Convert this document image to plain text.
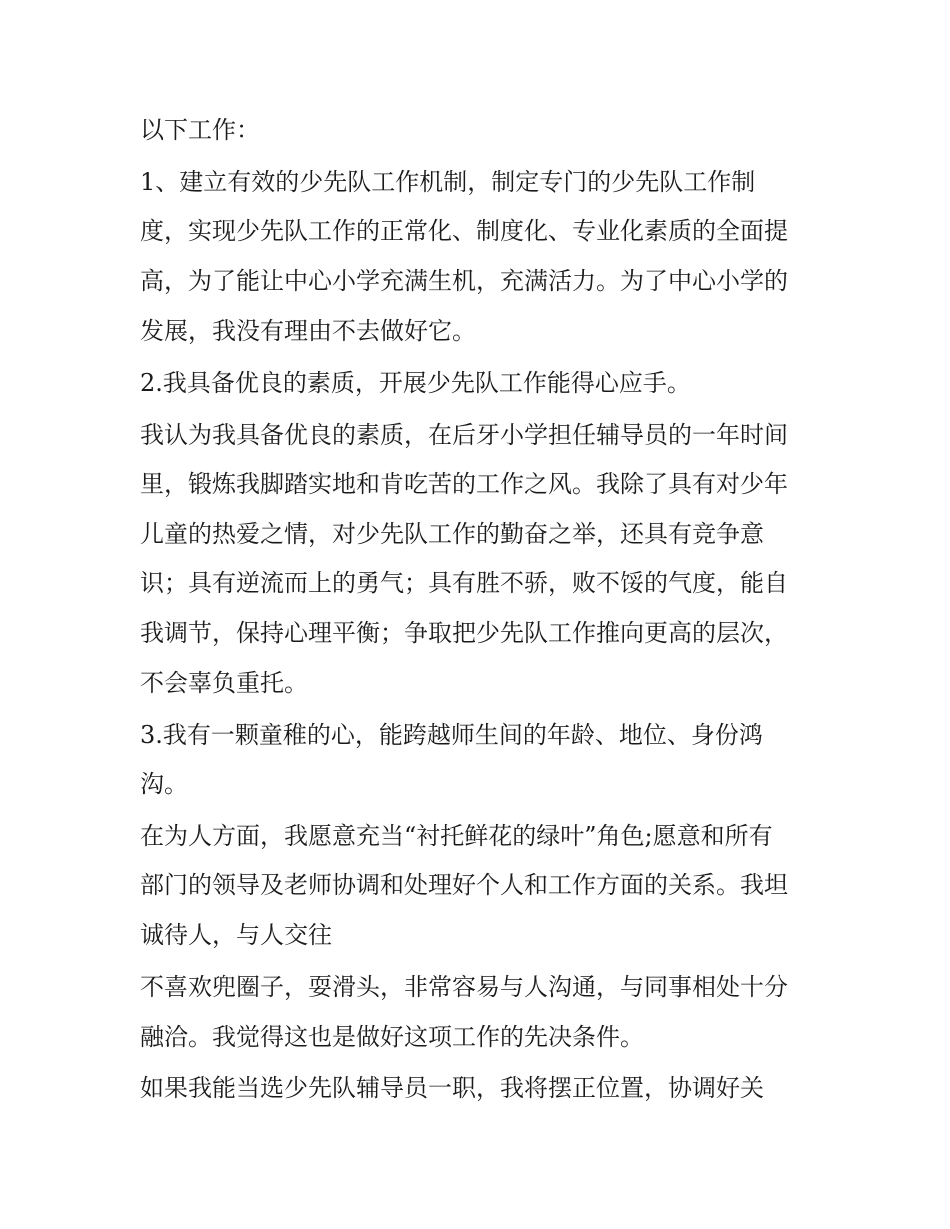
以下工作：
1、建立有效的少先队工作机制，制定专门的少先队工作制
度，实现少先队工作的正常化、制度化、专业化素质的全面提
高，为了能让中心小学充满生机，充满活力。为了中心小学的
发展，我没有理由不去做好它。
2.我具备优良的素质，开展少先队工作能得心应手。
我认为我具备优良的素质，在后牙小学担任辅导员的一年时间
里，锻炼我脚踏实地和肯吃苦的工作之风。我除了具有对少年
儿童的热爱之情，对少先队工作的勤奋之举，还具有竞争意
识；具有逆流而上的勇气；具有胜不骄，败不馁的气度，能自
我调节，保持心理平衡；争取把少先队工作推向更高的层次，
不会辜负重托。
3.我有一颗童稚的心，能跨越师生间的年龄、地位、身份鸿
沟。
在为人方面，我愿意充当“衬托鲜花的绿叶”角色;愿意和所有
部门的领导及老师协调和处理好个人和工作方面的关系。我坦
诚待人，与人交往
不喜欢兜圈子，耍滑头，非常容易与人沟通，与同事相处十分
融洽。我觉得这也是做好这项工作的先决条件。
如果我能当选少先队辅导员一职，我将摆正位置，协调好关
